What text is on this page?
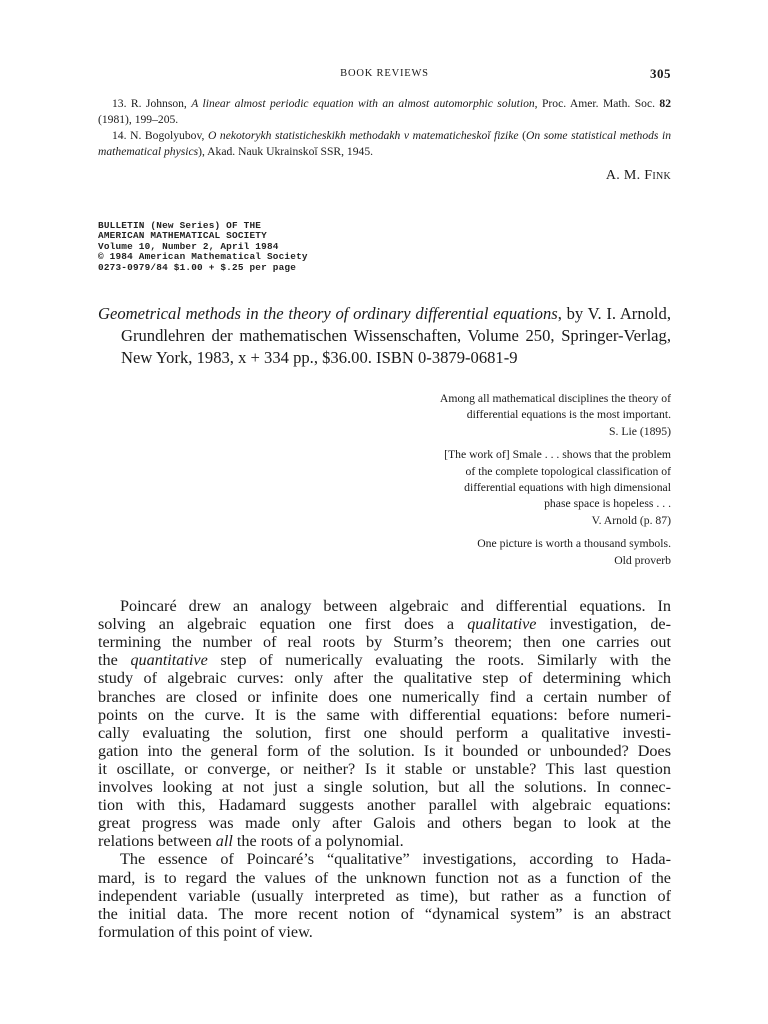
BOOK REVIEWS	305
13. R. Johnson, A linear almost periodic equation with an almost automorphic solution, Proc. Amer. Math. Soc. 82 (1981), 199–205.
14. N. Bogolyubov, O nekotorykh statisticheskikh methodakh v matematicheskoĭ fizike (On some statistical methods in mathematical physics), Akad. Nauk Ukrainskoĭ SSR, 1945.
A. M. Fink
BULLETIN (New Series) OF THE
AMERICAN MATHEMATICAL SOCIETY
Volume 10, Number 2, April 1984
© 1984 American Mathematical Society
0273-0979/84 $1.00 + $.25 per page
Geometrical methods in the theory of ordinary differential equations, by V. I. Arnold, Grundlehren der mathematischen Wissenschaften, Volume 250, Springer-Verlag, New York, 1983, x + 334 pp., $36.00. ISBN 0-3879-0681-9
Among all mathematical disciplines the theory of
differential equations is the most important.
S. Lie (1895)
[The work of] Smale . . . shows that the problem
of the complete topological classification of
differential equations with high dimensional
phase space is hopeless . . .
V. Arnold (p. 87)
One picture is worth a thousand symbols.
Old proverb
Poincaré drew an analogy between algebraic and differential equations. In
solving an algebraic equation one first does a qualitative investigation, de-
termining the number of real roots by Sturm’s theorem; then one carries out
the quantitative step of numerically evaluating the roots. Similarly with the
study of algebraic curves: only after the qualitative step of determining which
branches are closed or infinite does one numerically find a certain number of
points on the curve. It is the same with differential equations: before numeri-
cally evaluating the solution, first one should perform a qualitative investi-
gation into the general form of the solution. Is it bounded or unbounded? Does
it oscillate, or converge, or neither? Is it stable or unstable? This last question
involves looking at not just a single solution, but all the solutions. In connec-
tion with this, Hadamard suggests another parallel with algebraic equations:
great progress was made only after Galois and others began to look at the
relations between all the roots of a polynomial.
The essence of Poincaré’s “qualitative” investigations, according to Hada-
mard, is to regard the values of the unknown function not as a function of the
independent variable (usually interpreted as time), but rather as a function of
the initial data. The more recent notion of “dynamical system” is an abstract
formulation of this point of view.
